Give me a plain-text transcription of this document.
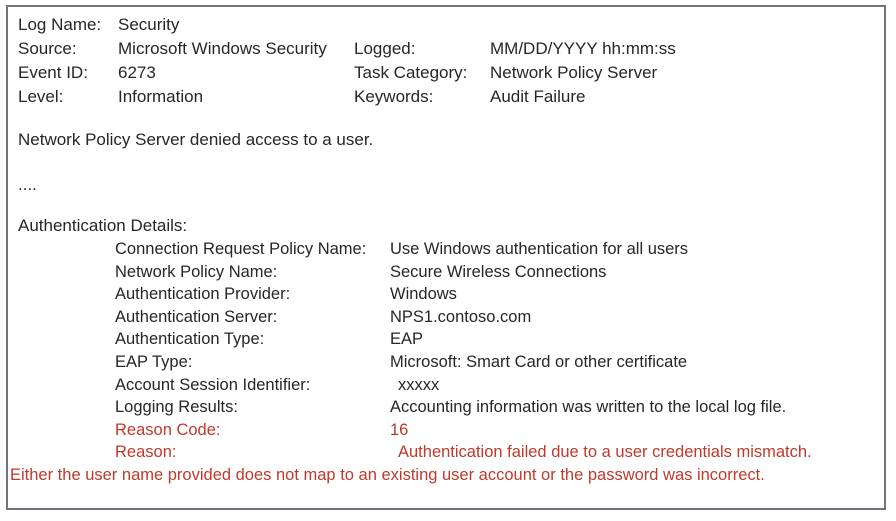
Log Name: Security
Source:	Microsoft Windows Security	Logged:	MM/DD/YYYY hh:mm:ss
Event ID:	6273	Task Category:	Network Policy Server
Level:	Information	Keywords:	Audit Failure
Network Policy Server denied access to a user.
....
Authentication Details:
Connection Request Policy Name:	Use Windows authentication for all users
Network Policy Name:	Secure Wireless Connections
Authentication Provider:	Windows
Authentication Server:	NPS1.contoso.com
Authentication Type:	EAP
EAP Type:	Microsoft: Smart Card or other certificate
Account Session Identifier:	xxxxx
Logging Results:	Accounting information was written to the local log file.
Reason Code:	16
Reason:	Authentication failed due to a user credentials mismatch.
Either the user name provided does not map to an existing user account or the password was incorrect.
